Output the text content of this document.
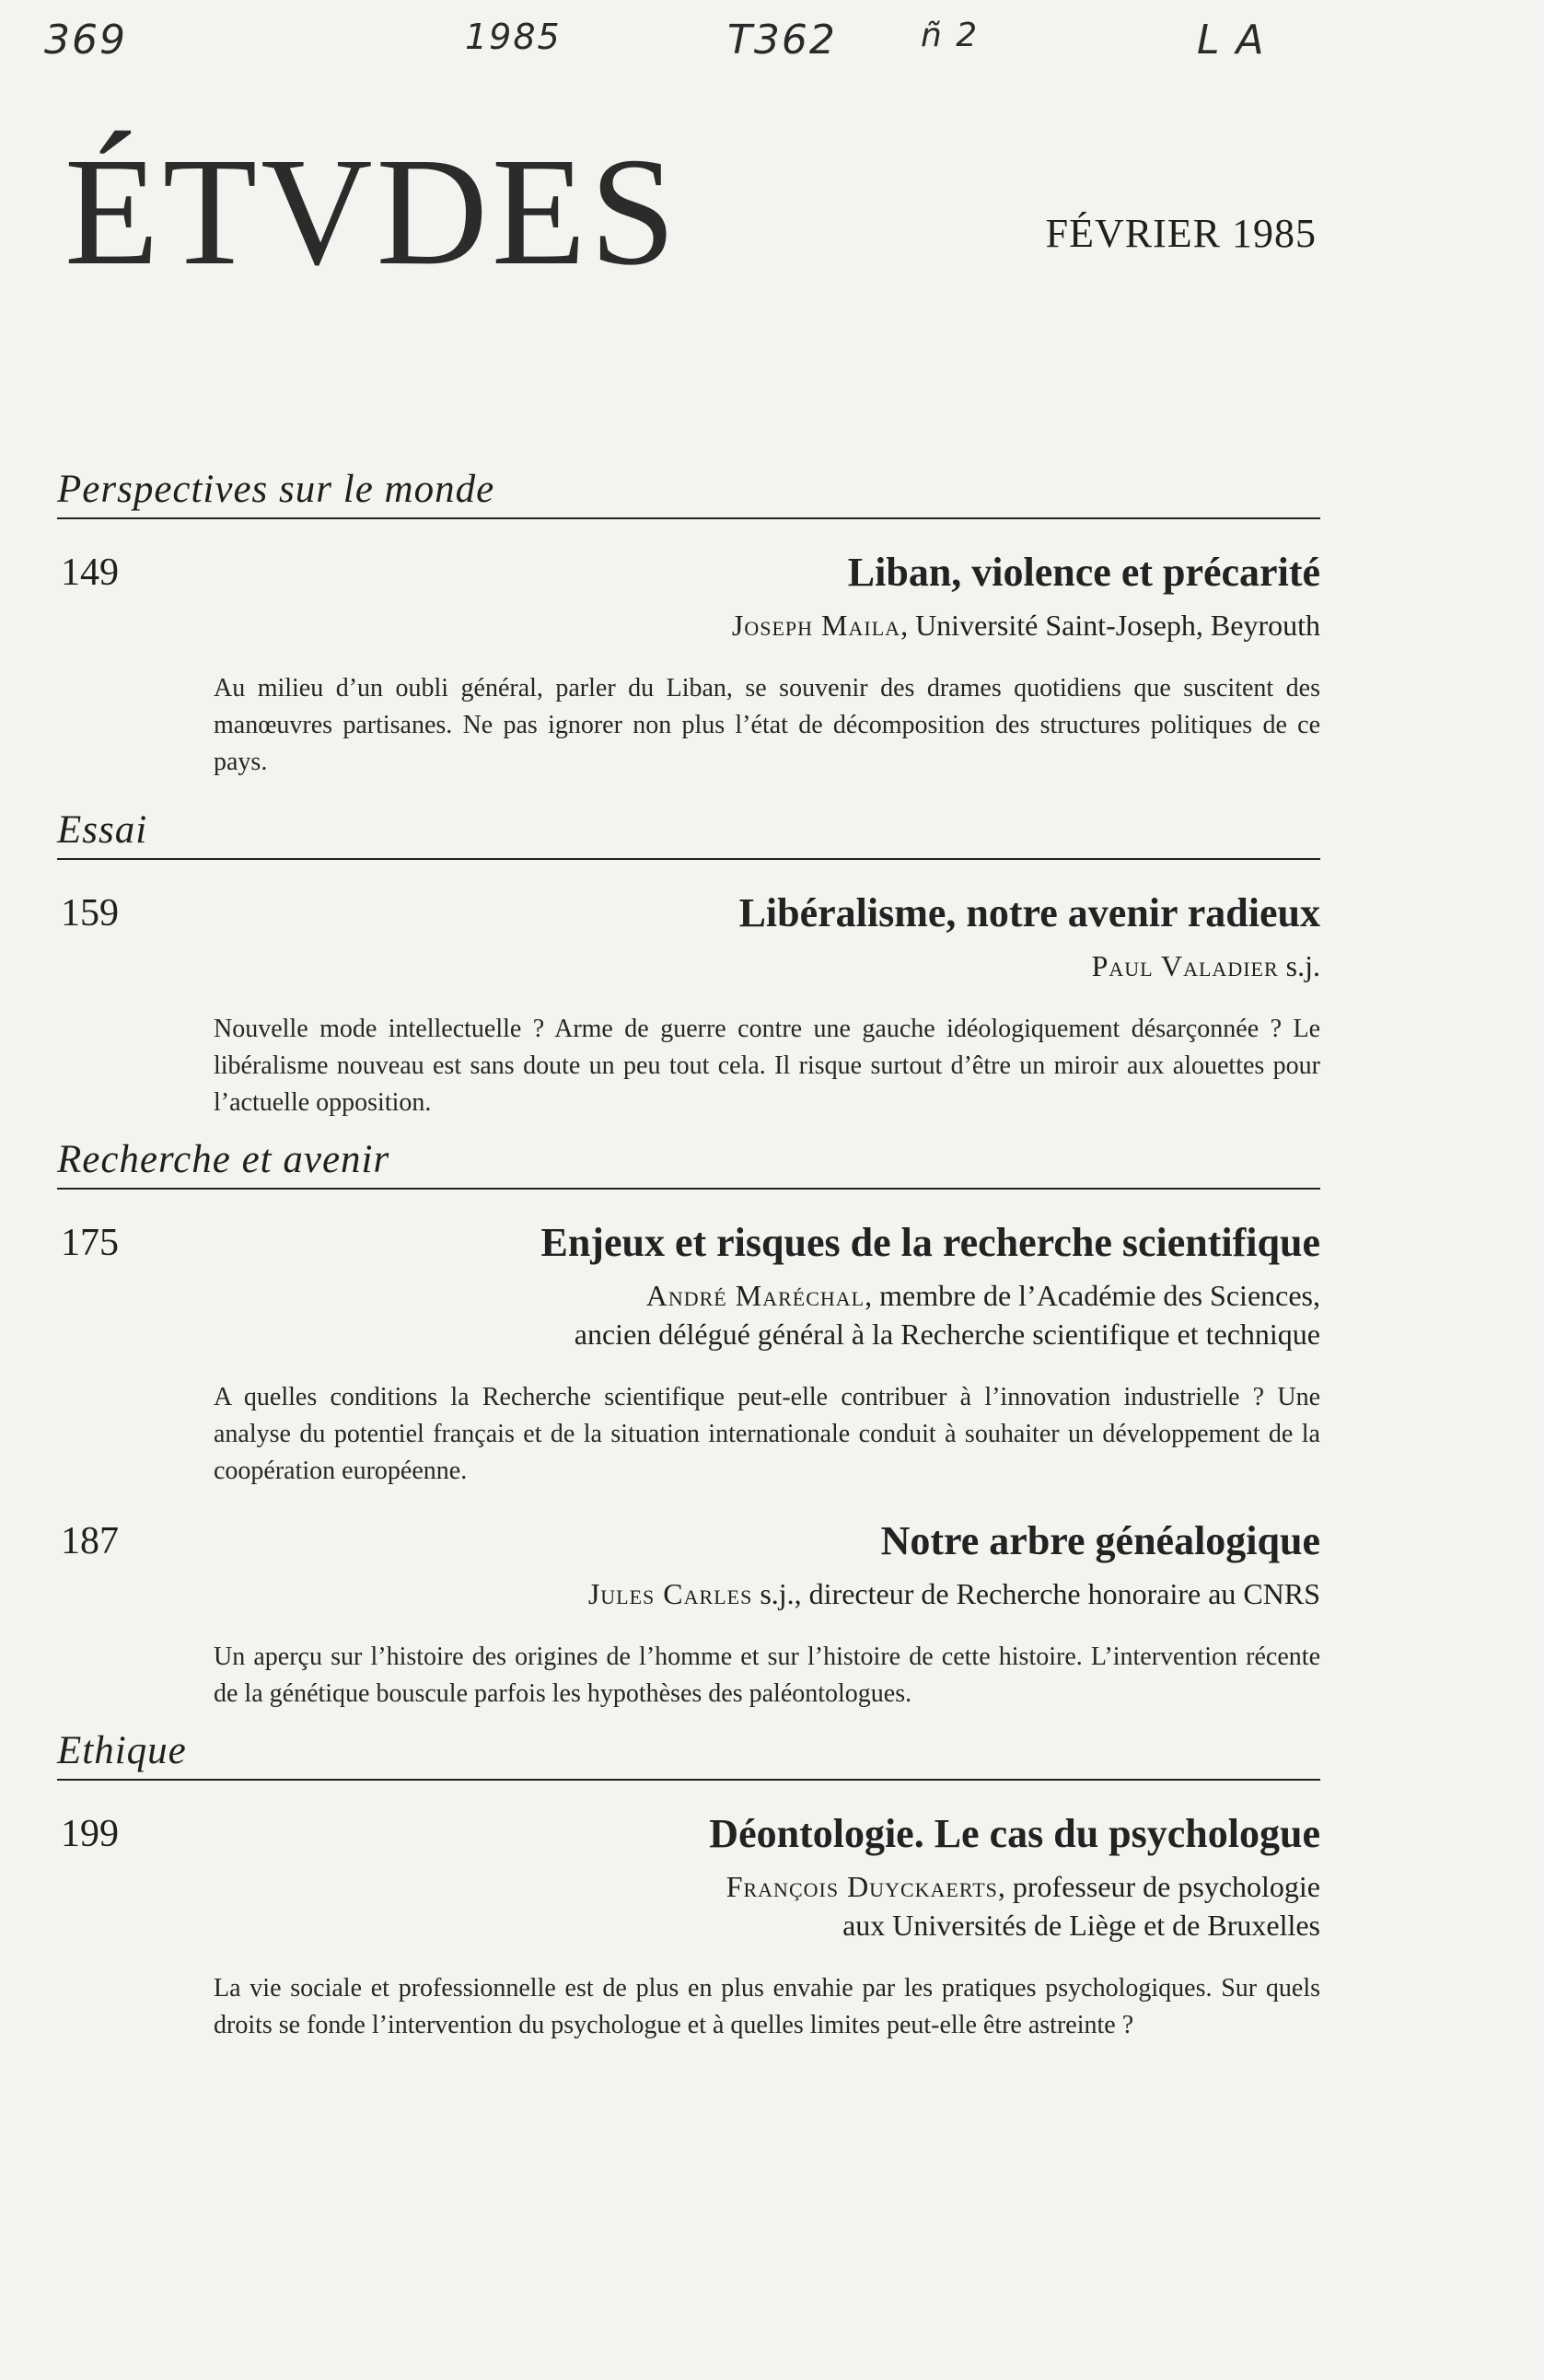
369	1985	T362	ñ 2	L A
ÉTVDES	FÉVRIER 1985
Perspectives sur le monde
149	Liban, violence et précarité
Joseph Maila, Université Saint-Joseph, Beyrouth
Au milieu d’un oubli général, parler du Liban, se souvenir des drames quotidiens que suscitent des manœuvres partisanes. Ne pas ignorer non plus l’état de décomposition des structures politiques de ce pays.
Essai
159	Libéralisme, notre avenir radieux
Paul Valadier s.j.
Nouvelle mode intellectuelle ? Arme de guerre contre une gauche idéologiquement désarçonnée ? Le libéralisme nouveau est sans doute un peu tout cela. Il risque surtout d’être un miroir aux alouettes pour l’actuelle opposition.
Recherche et avenir
175	Enjeux et risques de la recherche scientifique
André Maréchal, membre de l’Académie des Sciences,
ancien délégué général à la Recherche scientifique et technique
A quelles conditions la Recherche scientifique peut-elle contribuer à l’innovation industrielle ? Une analyse du potentiel français et de la situation internationale conduit à souhaiter un développement de la coopération européenne.
187	Notre arbre généalogique
Jules Carles s.j., directeur de Recherche honoraire au CNRS
Un aperçu sur l’histoire des origines de l’homme et sur l’histoire de cette histoire. L’intervention récente de la génétique bouscule parfois les hypothèses des paléontologues.
Ethique
199	Déontologie. Le cas du psychologue
François Duyckaerts, professeur de psychologie
aux Universités de Liège et de Bruxelles
La vie sociale et professionnelle est de plus en plus envahie par les pratiques psychologiques. Sur quels droits se fonde l’intervention du psychologue et à quelles limites peut-elle être astreinte ?
